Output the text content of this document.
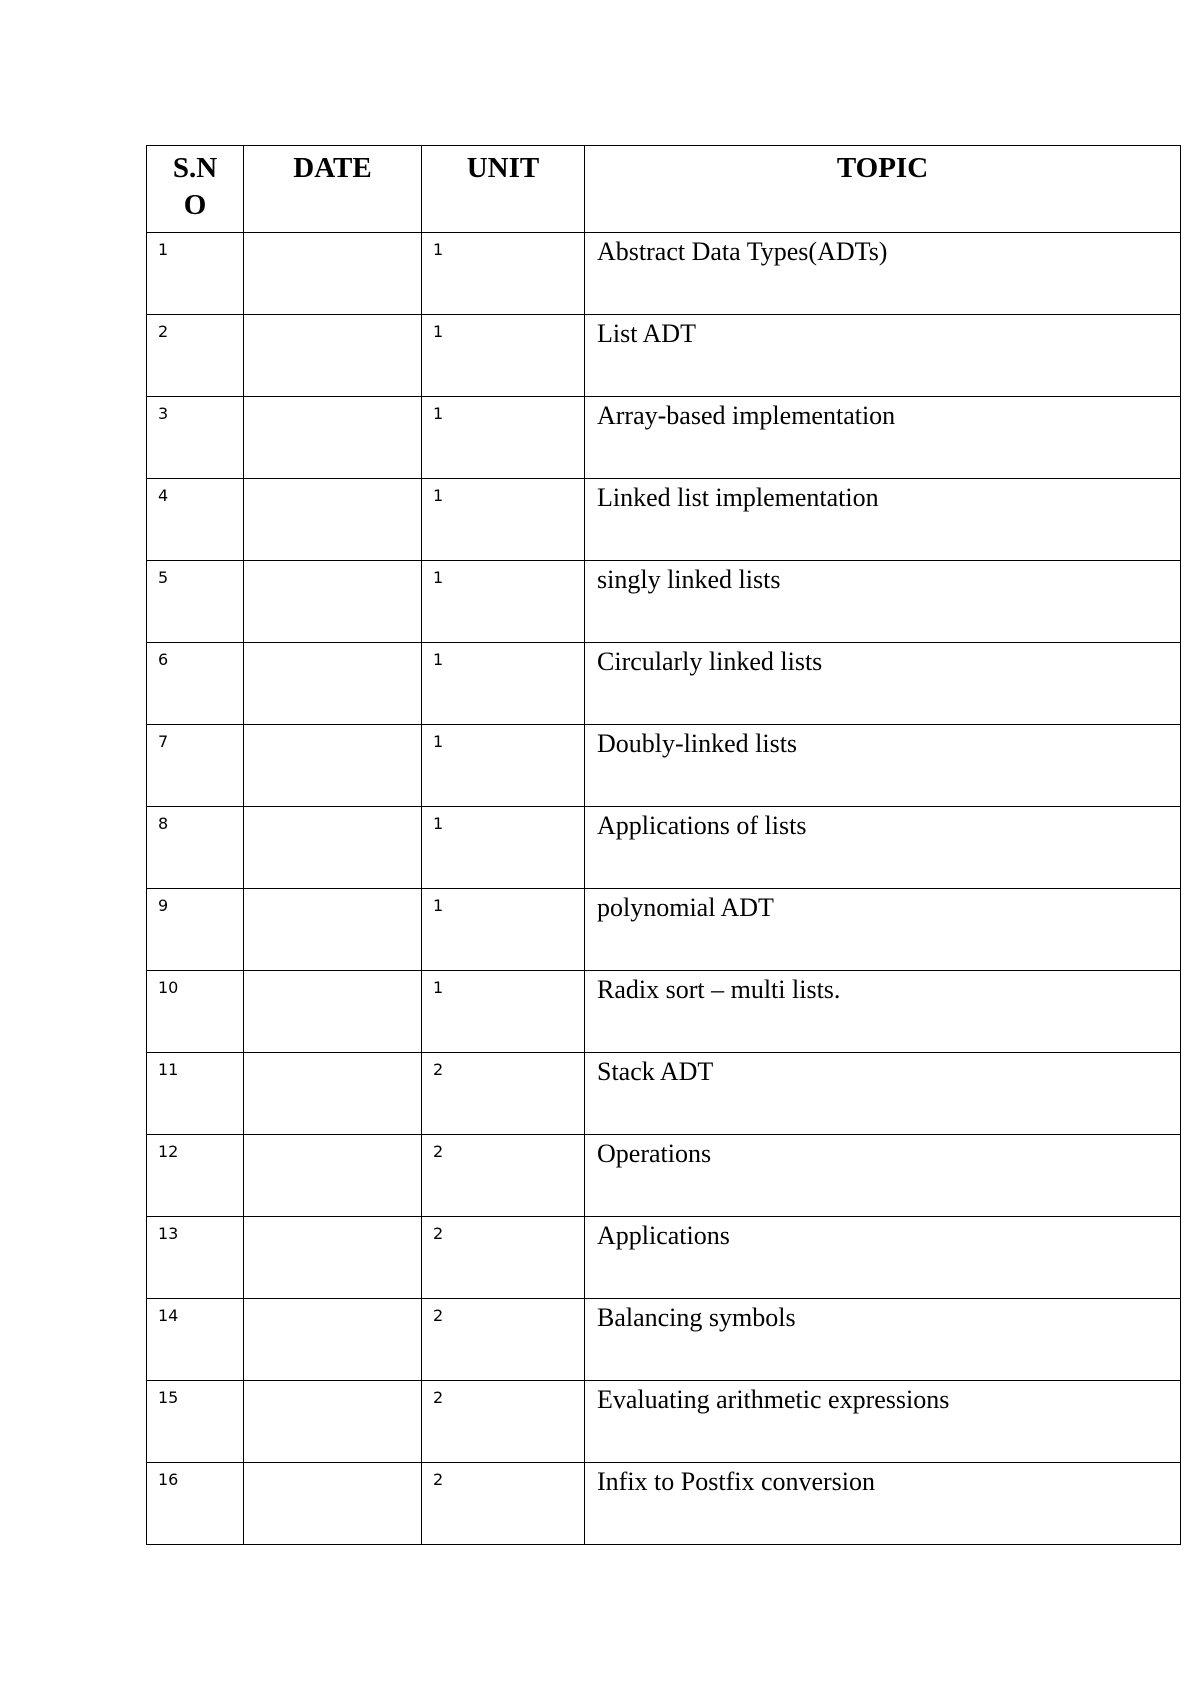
S.NO	DATE	UNIT	TOPIC
1		1	Abstract Data Types(ADTs)
2		1	List ADT
3		1	Array-based implementation
4		1	Linked list implementation
5		1	singly linked lists
6		1	Circularly linked lists
7		1	Doubly-linked lists
8		1	Applications of lists
9		1	polynomial ADT
10		1	Radix sort – multi lists.
11		2	Stack ADT
12		2	Operations
13		2	Applications
14		2	Balancing symbols
15		2	Evaluating arithmetic expressions
16		2	Infix to Postfix conversion
